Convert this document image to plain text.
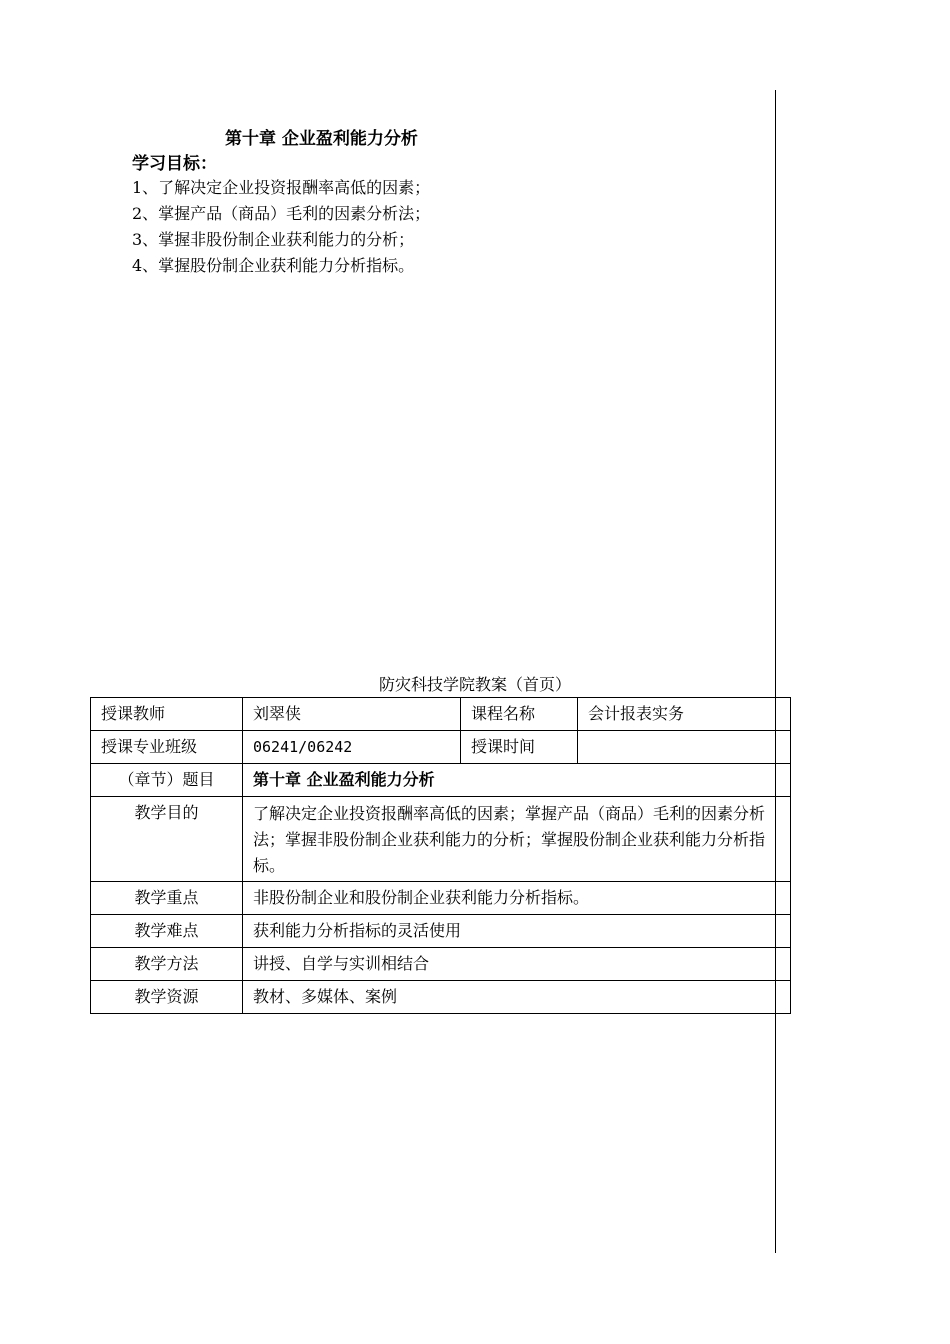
第十章 企业盈利能力分析
学习目标：
1、了解决定企业投资报酬率高低的因素；
2、掌握产品（商品）毛利的因素分析法；
3、掌握非股份制企业获利能力的分析；
4、掌握股份制企业获利能力分析指标。
防灾科技学院教案（首页）
授课教师	刘翠侠	课程名称	会计报表实务
授课专业班级	06241/06242	授课时间	
（章节）题目	第十章 企业盈利能力分析		
教学目的	了解决定企业投资报酬率高低的因素；掌握产品（商品）毛利的因素分析法；掌握非股份制企业获利能力的分析；掌握股份制企业获利能力分析指标。		
教学重点	非股份制企业和股份制企业获利能力分析指标。		
教学难点	获利能力分析指标的灵活使用		
教学方法	讲授、自学与实训相结合		
教学资源	教材、多媒体、案例		
